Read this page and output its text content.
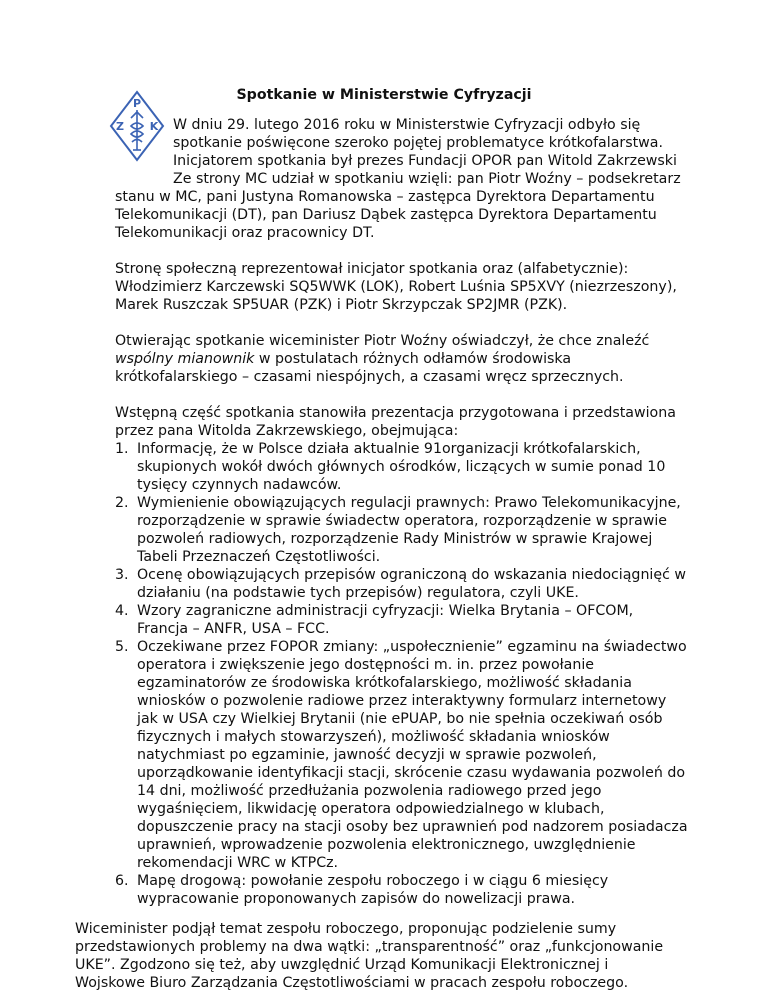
Spotkanie w Ministerstwie Cyfryzacji
P
Z K W dniu 29. lutego 2016 roku w Ministerstwie Cyfryzacji odbyło się
spotkanie poświęcone szeroko pojętej problematyce krótkofalarstwa.
Inicjatorem spotkania był prezes Fundacji OPOR pan Witold Zakrzewski
Ze strony MC udział w spotkaniu wzięli: pan Piotr Woźny – podsekretarz
stanu w MC, pani Justyna Romanowska – zastępca Dyrektora Departamentu
Telekomunikacji (DT), pan Dariusz Dąbek zastępca Dyrektora Departamentu
Telekomunikacji oraz pracownicy DT.
Stronę społeczną reprezentował inicjator spotkania oraz (alfabetycznie):
Włodzimierz Karczewski SQ5WWK (LOK), Robert Luśnia SP5XVY (niezrzeszony),
Marek Ruszczak SP5UAR (PZK) i Piotr Skrzypczak SP2JMR (PZK).
Otwierając spotkanie wiceminister Piotr Woźny oświadczył, że chce znaleźć
wspólny mianownik w postulatach różnych odłamów środowiska
krótkofalarskiego – czasami niespójnych, a czasami wręcz sprzecznych.
Wstępną część spotkania stanowiła prezentacja przygotowana i przedstawiona
przez pana Witolda Zakrzewskiego, obejmująca:
1. Informację, że w Polsce działa aktualnie 91organizacji krótkofalarskich,
skupionych wokół dwóch głównych ośrodków, liczących w sumie ponad 10
tysięcy czynnych nadawców.
2. Wymienienie obowiązujących regulacji prawnych: Prawo Telekomunikacyjne,
rozporządzenie w sprawie świadectw operatora, rozporządzenie w sprawie
pozwoleń radiowych, rozporządzenie Rady Ministrów w sprawie Krajowej
Tabeli Przeznaczeń Częstotliwości.
3. Ocenę obowiązujących przepisów ograniczoną do wskazania niedociągnięć w
działaniu (na podstawie tych przepisów) regulatora, czyli UKE.
4. Wzory zagraniczne administracji cyfryzacji: Wielka Brytania – OFCOM,
Francja – ANFR, USA – FCC.
5. Oczekiwane przez FOPOR zmiany: „uspołecznienie” egzaminu na świadectwo
operatora i zwiększenie jego dostępności m. in. przez powołanie
egzaminatorów ze środowiska krótkofalarskiego, możliwość składania
wniosków o pozwolenie radiowe przez interaktywny formularz internetowy
jak w USA czy Wielkiej Brytanii (nie ePUAP, bo nie spełnia oczekiwań osób
fizycznych i małych stowarzyszeń), możliwość składania wniosków
natychmiast po egzaminie, jawność decyzji w sprawie pozwoleń,
uporządkowanie identyfikacji stacji, skrócenie czasu wydawania pozwoleń do
14 dni, możliwość przedłużania pozwolenia radiowego przed jego
wygaśnięciem, likwidację operatora odpowiedzialnego w klubach,
dopuszczenie pracy na stacji osoby bez uprawnień pod nadzorem posiadacza
uprawnień, wprowadzenie pozwolenia elektronicznego, uwzględnienie
rekomendacji WRC w KTPCz.
6. Mapę drogową: powołanie zespołu roboczego i w ciągu 6 miesięcy
wypracowanie proponowanych zapisów do nowelizacji prawa.
Wiceminister podjął temat zespołu roboczego, proponując podzielenie sumy
przedstawionych problemy na dwa wątki: „transparentność” oraz „funkcjonowanie
UKE”. Zgodzono się też, aby uwzględnić Urząd Komunikacji Elektronicznej i
Wojskowe Biuro Zarządzania Częstotliwościami w pracach zespołu roboczego.
